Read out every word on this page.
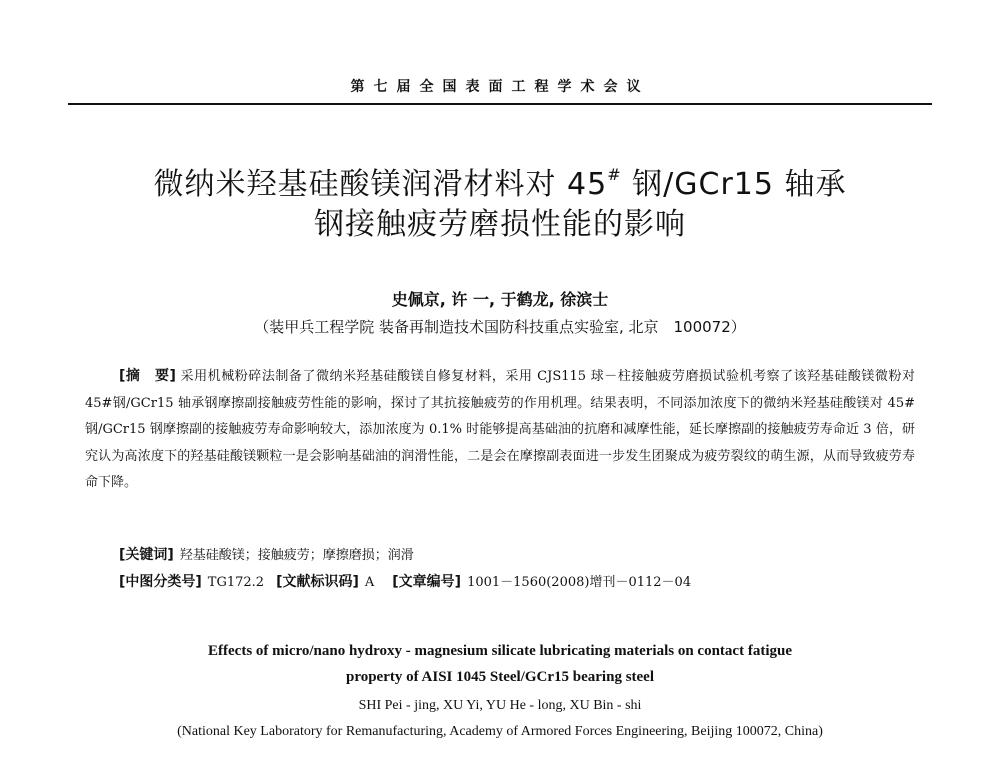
第七届全国表面工程学术会议
微纳米羟基硅酸镁润滑材料对 45# 钢/GCr15 轴承
钢接触疲劳磨损性能的影响
史佩京, 许 一, 于鹤龙, 徐滨士
（装甲兵工程学院 装备再制造技术国防科技重点实验室, 北京　100072）

[摘　要] 采用机械粉碎法制备了微纳米羟基硅酸镁自修复材料，采用 CJS115 球－柱接触疲劳磨损试验机考察了该羟基硅酸镁微粉对 45#钢/GCr15 轴承钢摩擦副接触疲劳性能的影响，探讨了其抗接触疲劳的作用机理。结果表明，不同添加浓度下的微纳米羟基硅酸镁对 45#钢/GCr15 钢摩擦副的接触疲劳寿命影响较大，添加浓度为 0.1% 时能够提高基础油的抗磨和减摩性能，延长摩擦副的接触疲劳寿命近 3 倍，研究认为高浓度下的羟基硅酸镁颗粒一是会影响基础油的润滑性能，二是会在摩擦副表面进一步发生团聚成为疲劳裂纹的萌生源，从而导致疲劳寿命下降。

[关键词] 羟基硅酸镁；接触疲劳；摩擦磨损；润滑
[中图分类号] TG172.2 [文献标识码] A [文章编号] 1001－1560(2008)增刊－0112－04
Effects of micro/nano hydroxy - magnesium silicate lubricating materials on contact fatigue
property of AISI 1045 Steel/GCr15 bearing steel
SHI Pei - jing, XU Yi, YU He - long, XU Bin - shi
(National Key Laboratory for Remanufacturing, Academy of Armored Forces Engineering, Beijing 100072, China)
